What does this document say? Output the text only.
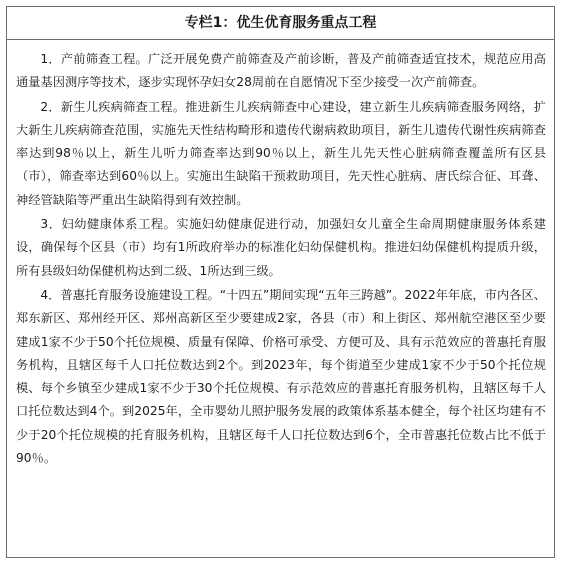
专栏1：优生优育服务重点工程

1．产前筛查工程。广泛开展免费产前筛查及产前诊断，普及产前筛查适宜技术，规范应用高通量基因测序等技术，逐步实现怀孕妇女28周前在自愿情况下至少接受一次产前筛查。

2．新生儿疾病筛查工程。推进新生儿疾病筛查中心建设，建立新生儿疾病筛查服务网络，扩大新生儿疾病筛查范围，实施先天性结构畸形和遗传代谢病救助项目，新生儿遗传代谢性疾病筛查率达到98％以上，新生儿听力筛查率达到90％以上，新生儿先天性心脏病筛查覆盖所有区县（市），筛查率达到60％以上。实施出生缺陷干预救助项目，先天性心脏病、唐氏综合征、耳聋、神经管缺陷等严重出生缺陷得到有效控制。

3．妇幼健康体系工程。实施妇幼健康促进行动，加强妇女儿童全生命周期健康服务体系建设，确保每个区县（市）均有1所政府举办的标准化妇幼保健机构。推进妇幼保健机构提质升级，所有县级妇幼保健机构达到二级、1所达到三级。

4．普惠托育服务设施建设工程。“十四五”期间实现“五年三跨越”。2022年年底，市内各区、郑东新区、郑州经开区、郑州高新区至少要建成2家，各县（市）和上街区、郑州航空港区至少要建成1家不少于50个托位规模、质量有保障、价格可承受、方便可及、具有示范效应的普惠托育服务机构，且辖区每千人口托位数达到2个。到2023年，每个街道至少建成1家不少于50个托位规模、每个乡镇至少建成1家不少于30个托位规模、有示范效应的普惠托育服务机构，且辖区每千人口托位数达到4个。到2025年，全市婴幼儿照护服务发展的政策体系基本健全，每个社区均建有不少于20个托位规模的托育服务机构，且辖区每千人口托位数达到6个，全市普惠托位数占比不低于90％。
